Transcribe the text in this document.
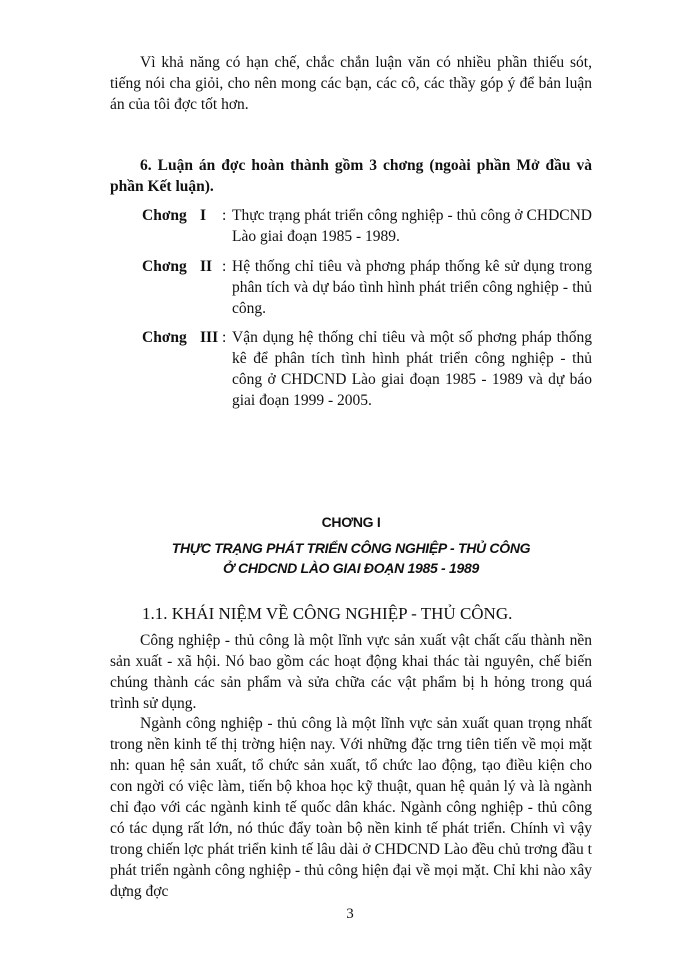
Vì khả năng có hạn chế, chắc chắn luận văn có nhiều phần thiếu sót, tiếng nói cha giỏi, cho nên mong các bạn, các cô, các thầy góp ý để bản luận án của tôi đợc tốt hơn.

6. Luận án đợc hoàn thành gồm 3 chơng (ngoài phần Mở đầu và phần Kết luận).

Chơng I	: Thực trạng phát triển công nghiệp - thủ công ở CHDCND Lào giai đoạn 1985 - 1989.
Chơng II : Hệ thống chỉ tiêu và phơng pháp thống kê sử dụng trong phân tích và dự báo tình hình phát triển công nghiệp - thủ công.
Chơng III : Vận dụng hệ thống chỉ tiêu và một số phơng pháp thống kê để phân tích tình hình phát triển công nghiệp - thủ công ở CHDCND Lào giai đoạn 1985 - 1989 và dự báo giai đoạn 1999 - 2005.

CHƠNG I

THỰC TRẠNG PHÁT TRIỂN CÔNG NGHIỆP - THỦ CÔNG

Ở CHDCND LÀO GIAI ĐOẠN 1985 - 1989

1.1. KHÁI NIỆM VỀ CÔNG NGHIỆP - THỦ CÔNG.

Công nghiệp - thủ công là một lĩnh vực sản xuất vật chất cấu thành nền sản xuất - xã hội. Nó bao gồm các hoạt động khai thác tài nguyên, chế biến chúng thành các sản phẩm và sửa chữa các vật phẩm bị h hỏng trong quá trình sử dụng.

Ngành công nghiệp - thủ công là một lĩnh vực sản xuất quan trọng nhất trong nền kinh tế thị trờng hiện nay. Với những đặc trng tiên tiến về mọi mặt nh: quan hệ sản xuất, tổ chức sản xuất, tổ chức lao động, tạo điều kiện cho con ngời có việc làm, tiến bộ khoa học kỹ thuật, quan hệ quản lý và là ngành chỉ đạo với các ngành kinh tế quốc dân khác. Ngành công nghiệp - thủ công có tác dụng rất lớn, nó thúc đẩy toàn bộ nền kinh tế phát triển. Chính vì vậy trong chiến lợc phát triển kinh tế lâu dài ở CHDCND Lào đều chủ trơng đầu t phát triển ngành công nghiệp - thủ công hiện đại về mọi mặt. Chỉ khi nào xây dựng đợc

3
